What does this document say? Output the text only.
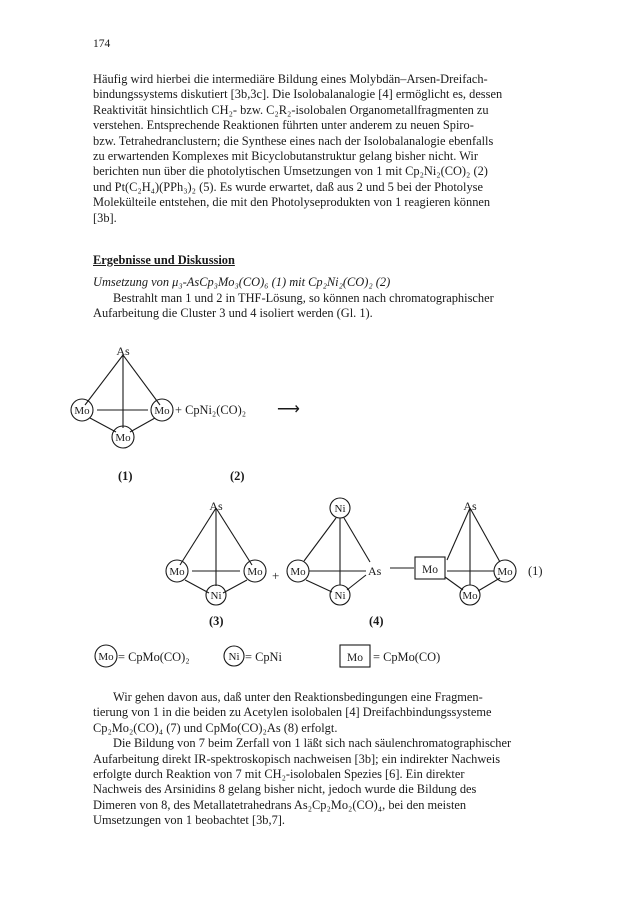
174
Häufig wird hierbei die intermediäre Bildung eines Molybdän–Arsen-Dreifach-
bindungssystems diskutiert [3b,3c]. Die Isolobalanalogie [4] ermöglicht es, dessen
Reaktivität hinsichtlich CH₂- bzw. C₂R₂-isolobalen Organometallfragmenten zu
verstehen. Entsprechende Reaktionen führten unter anderem zu neuen Spiro-
bzw. Tetrahedranclustern; die Synthese eines nach der Isolobalanalogie ebenfalls
zu erwartenden Komplexes mit Bicyclobutanstruktur gelang bisher nicht. Wir
berichten nun über die photolytischen Umsetzungen von 1 mit Cp₂Ni₂(CO)₂ (2)
und Pt(C₂H₄)(PPh₃)₂ (5). Es wurde erwartet, daß aus 2 und 5 bei der Photolyse
Molekülteile entstehen, die mit den Photolyseprodukten von 1 reagieren können
[3b].
Ergebnisse und Diskussion
Umsetzung von μ₃-AsCp₃Mo₃(CO)₆ (1) mit Cp₂Ni₂(CO)₂ (2)
Bestrahlt man 1 und 2 in THF-Lösung, so können nach chromatographischer
Aufarbeitung die Cluster 3 und 4 isoliert werden (Gl. 1).
As
Mo	Mo
Mo
+ CpNi₂(CO)₂ ⟶
(1)	(2)
As
Mo	Mo
Ni
+
(3)
Ni
Mo
Ni
As	Mo
As
Mo
Mo
(4)
(1)
Mo = CpMo(CO)₂	Ni = CpNi	Mo = CpMo(CO)
Wir gehen davon aus, daß unter den Reaktionsbedingungen eine Fragmen-
tierung von 1 in die beiden zu Acetylen isolobalen [4] Dreifachbindungssysteme
Cp₂Mo₂(CO)₄ (7) und CpMo(CO)₂As (8) erfolgt.
Die Bildung von 7 beim Zerfall von 1 läßt sich nach säulenchromatographischer
Aufarbeitung direkt IR-spektroskopisch nachweisen [3b]; ein indirekter Nachweis
erfolgte durch Reaktion von 7 mit CH₂-isolobalen Spezies [6]. Ein direkter
Nachweis des Arsinidins 8 gelang bisher nicht, jedoch wurde die Bildung des
Dimeren von 8, des Metallatetrahedrans As₂Cp₂Mo₂(CO)₄, bei den meisten
Umsetzungen von 1 beobachtet [3b,7].
